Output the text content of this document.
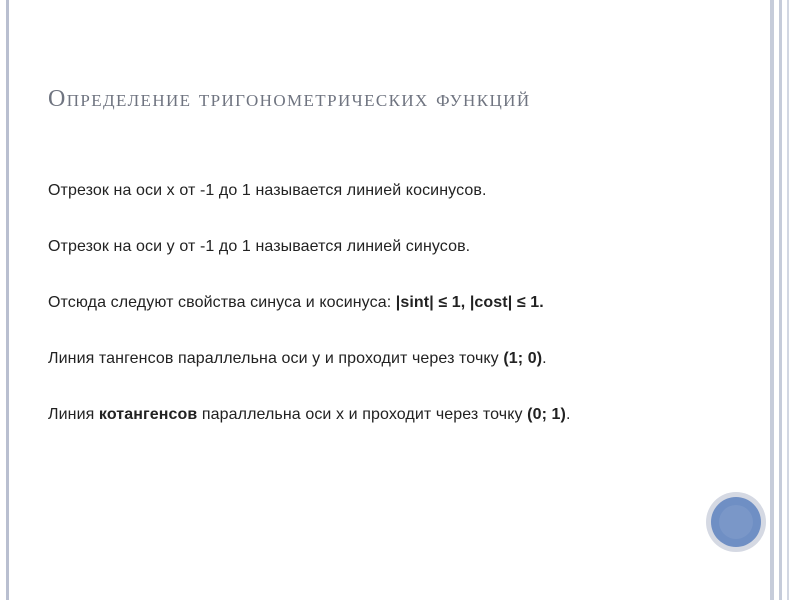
Определение тригонометрических функций

Отрезок на оси x от -1 до 1 называется линией косинусов.

Отрезок на оси y от -1 до 1 называется линией синусов.

Отсюда следуют свойства синуса и косинуса: |sint| ≤ 1, |cost| ≤ 1.

Линия тангенсов параллельна оси y и проходит через точку (1; 0).

Линия котангенсов параллельна оси x и проходит через точку (0; 1).
